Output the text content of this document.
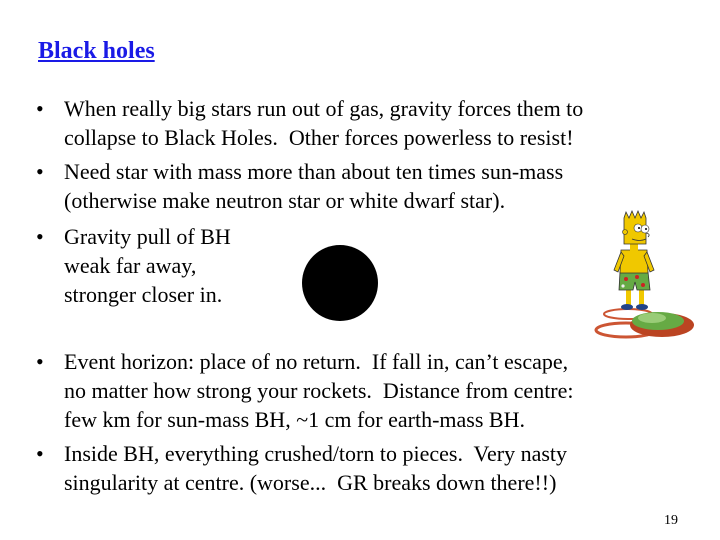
Black holes
• When really big stars run out of gas, gravity forces them to
collapse to Black Holes.  Other forces powerless to resist!
• Need star with mass more than about ten times sun-mass
(otherwise make neutron star or white dwarf star).
• Gravity pull of BH
weak far away,
stronger closer in.
• Event horizon: place of no return.  If fall in, can’t escape,
no matter how strong your rockets.  Distance from centre:
few km for sun-mass BH, ~1 cm for earth-mass BH.
• Inside BH, everything crushed/torn to pieces.  Very nasty
singularity at centre. (worse...  GR breaks down there!!)
19
